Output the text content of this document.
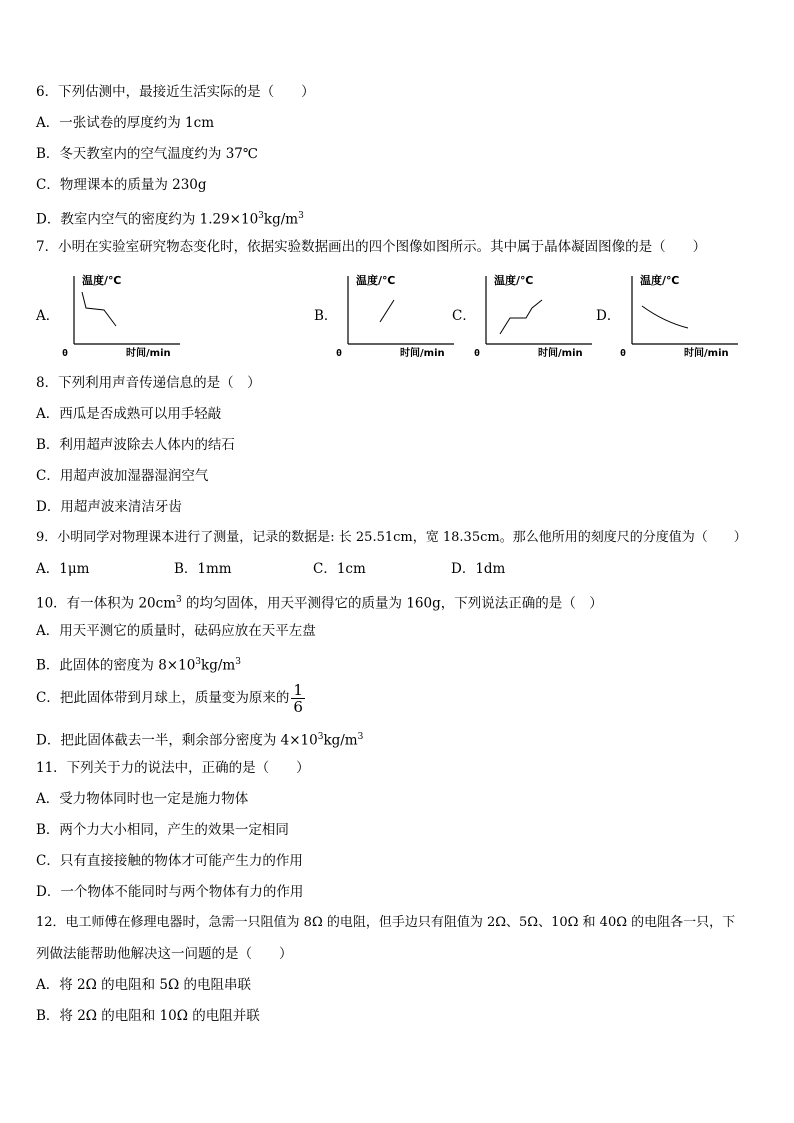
6．下列估测中，最接近生活实际的是（　　）
A．一张试卷的厚度约为 1cm
B．冬天教室内的空气温度约为 37℃
C．物理课本的质量为 230g
D．教室内空气的密度约为 $1.29\times 10^3kg/m^3$
7．小明在实验室研究物态变化时，依据实验数据画出的四个图像如图所示。其中属于晶体凝固图像的是（　　）
A．
温度/℃
0	时间/min
B．
温度/℃
0	时间/min
C．
温度/℃
0	时间/min
D．
温度/℃
0	时间/min
8．下列利用声音传递信息的是（　）
A．西瓜是否成熟可以用手轻敲
B．利用超声波除去人体内的结石
C．用超声波加湿器湿润空气
D．用超声波来清洁牙齿
9．小明同学对物理课本进行了测量，记录的数据是: 长 25.51cm，宽 18.35cm。那么他所用的刻度尺的分度值为（　　）
A．1μm	B．1mm	C．1cm	D．1dm
10．有一体积为 $20cm^3$ 的均匀固体，用天平测得它的质量为 160g，下列说法正确的是（　）
A．用天平测它的质量时，砝码应放在天平左盘
B．此固体的密度为 $8\times 10^3kg/m^3$
C．把此固体带到月球上，质量变为原来的 $\frac{1}{6}$
D．把此固体截去一半，剩余部分密度为 $4\times 10^3kg/m^3$
11．下列关于力的说法中，正确的是（　　）
A．受力物体同时也一定是施力物体
B．两个力大小相同，产生的效果一定相同
C．只有直接接触的物体才可能产生力的作用
D．一个物体不能同时与两个物体有力的作用
12．电工师傅在修理电器时，急需一只阻值为 8Ω 的电阻，但手边只有阻值为 2Ω、5Ω、10Ω 和 40Ω 的电阻各一只，下
列做法能帮助他解决这一问题的是（　　）
A．将 2Ω 的电阻和 5Ω 的电阻串联
B．将 2Ω 的电阻和 10Ω 的电阻并联
